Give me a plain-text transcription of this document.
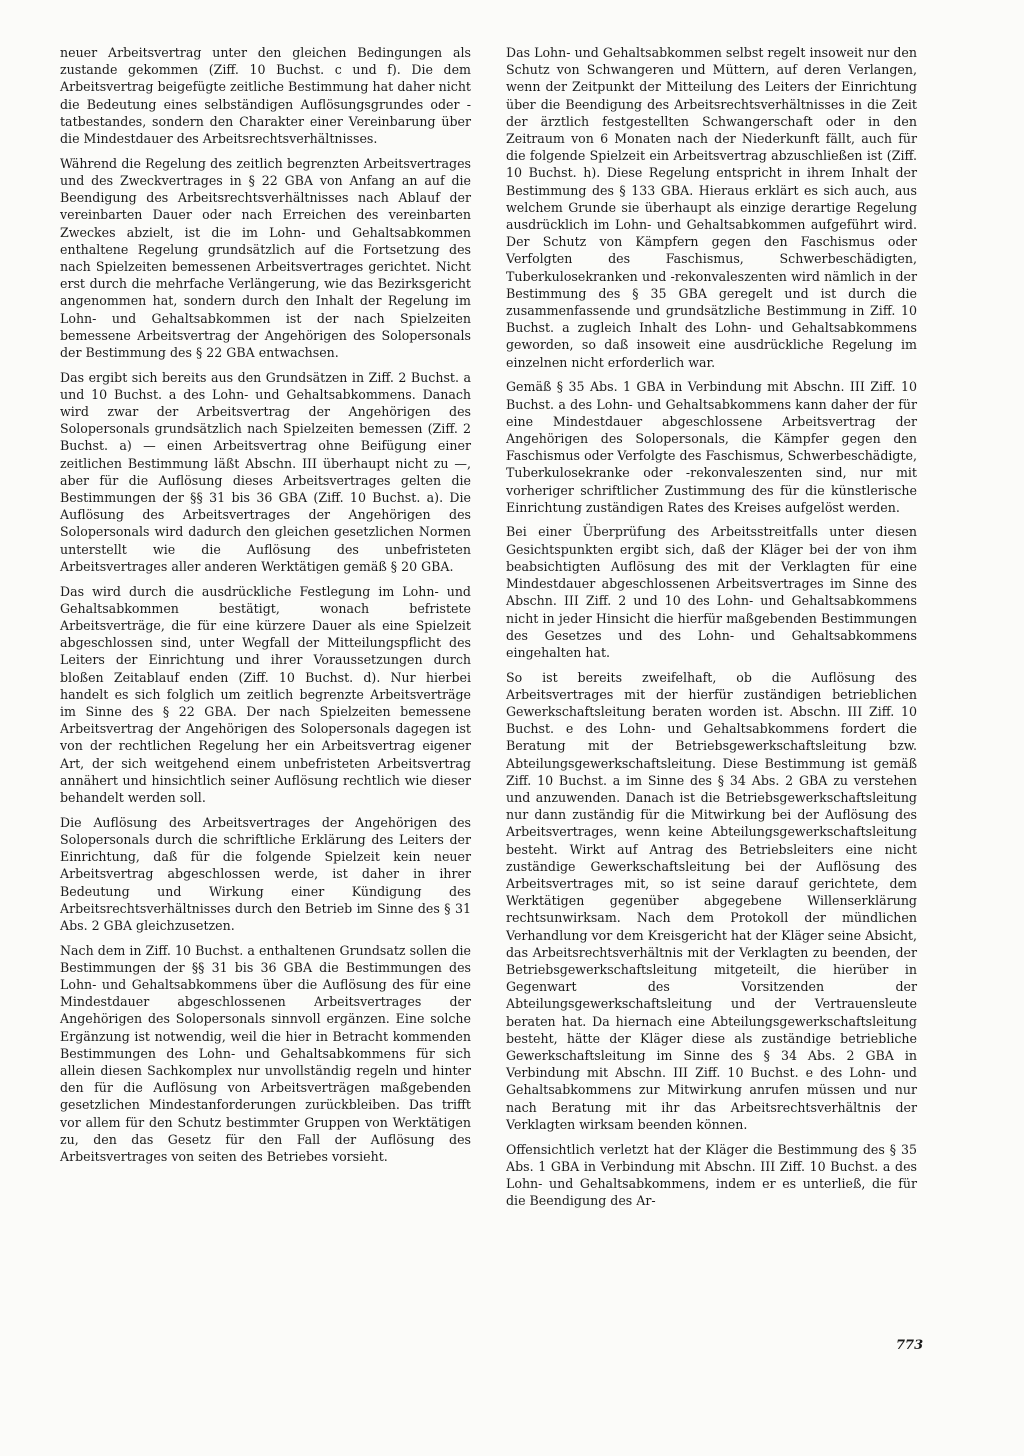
neuer Arbeitsvertrag unter den gleichen Bedingungen als zustande gekommen (Ziff. 10 Buchst. c und f). Die dem Arbeitsvertrag beigefügte zeitliche Bestimmung hat daher nicht die Bedeutung eines selbständigen Auflösungsgrundes oder -tatbestandes, sondern den Charakter einer Vereinbarung über die Mindestdauer des Arbeitsrechtsverhältnisses.

Während die Regelung des zeitlich begrenzten Arbeitsvertrages und des Zweckvertrages in § 22 GBA von Anfang an auf die Beendigung des Arbeitsrechtsverhältnisses nach Ablauf der vereinbarten Dauer oder nach Erreichen des vereinbarten Zweckes abzielt, ist die im Lohn- und Gehaltsabkommen enthaltene Regelung grundsätzlich auf die Fortsetzung des nach Spielzeiten bemessenen Arbeitsvertrages gerichtet. Nicht erst durch die mehrfache Verlängerung, wie das Bezirksgericht angenommen hat, sondern durch den Inhalt der Regelung im Lohn- und Gehaltsabkommen ist der nach Spielzeiten bemessene Arbeitsvertrag der Angehörigen des Solopersonals der Bestimmung des § 22 GBA entwachsen.

Das ergibt sich bereits aus den Grundsätzen in Ziff. 2 Buchst. a und 10 Buchst. a des Lohn- und Gehaltsabkommens. Danach wird zwar der Arbeitsvertrag der Angehörigen des Solopersonals grundsätzlich nach Spielzeiten bemessen (Ziff. 2 Buchst. a) — einen Arbeitsvertrag ohne Beifügung einer zeitlichen Bestimmung läßt Abschn. III überhaupt nicht zu —, aber für die Auflösung dieses Arbeitsvertrages gelten die Bestimmungen der §§ 31 bis 36 GBA (Ziff. 10 Buchst. a). Die Auflösung des Arbeitsvertrages der Angehörigen des Solopersonals wird dadurch den gleichen gesetzlichen Normen unterstellt wie die Auflösung des unbefristeten Arbeitsvertrages aller anderen Werktätigen gemäß § 20 GBA.

Das wird durch die ausdrückliche Festlegung im Lohn- und Gehaltsabkommen bestätigt, wonach befristete Arbeitsverträge, die für eine kürzere Dauer als eine Spielzeit abgeschlossen sind, unter Wegfall der Mitteilungspflicht des Leiters der Einrichtung und ihrer Voraussetzungen durch bloßen Zeitablauf enden (Ziff. 10 Buchst. d). Nur hierbei handelt es sich folglich um zeitlich begrenzte Arbeitsverträge im Sinne des § 22 GBA. Der nach Spielzeiten bemessene Arbeitsvertrag der Angehörigen des Solopersonals dagegen ist von der rechtlichen Regelung her ein Arbeitsvertrag eigener Art, der sich weitgehend einem unbefristeten Arbeitsvertrag annähert und hinsichtlich seiner Auflösung rechtlich wie dieser behandelt werden soll.

Die Auflösung des Arbeitsvertrages der Angehörigen des Solopersonals durch die schriftliche Erklärung des Leiters der Einrichtung, daß für die folgende Spielzeit kein neuer Arbeitsvertrag abgeschlossen werde, ist daher in ihrer Bedeutung und Wirkung einer Kündigung des Arbeitsrechtsverhältnisses durch den Betrieb im Sinne des § 31 Abs. 2 GBA gleichzusetzen.

Nach dem in Ziff. 10 Buchst. a enthaltenen Grundsatz sollen die Bestimmungen der §§ 31 bis 36 GBA die Bestimmungen des Lohn- und Gehaltsabkommens über die Auflösung des für eine Mindestdauer abgeschlossenen Arbeitsvertrages der Angehörigen des Solopersonals sinnvoll ergänzen. Eine solche Ergänzung ist notwendig, weil die hier in Betracht kommenden Bestimmungen des Lohn- und Gehaltsabkommens für sich allein diesen Sachkomplex nur unvollständig regeln und hinter den für die Auflösung von Arbeitsverträgen maßgebenden gesetzlichen Mindestanforderungen zurückbleiben. Das trifft vor allem für den Schutz bestimmter Gruppen von Werktätigen zu, den das Gesetz für den Fall der Auflösung des Arbeitsvertrages von seiten des Betriebes vorsieht.

Das Lohn- und Gehaltsabkommen selbst regelt insoweit nur den Schutz von Schwangeren und Müttern, auf deren Verlangen, wenn der Zeitpunkt der Mitteilung des Leiters der Einrichtung über die Beendigung des Arbeitsrechtsverhältnisses in die Zeit der ärztlich festgestellten Schwangerschaft oder in den Zeitraum von 6 Monaten nach der Niederkunft fällt, auch für die folgende Spielzeit ein Arbeitsvertrag abzuschließen ist (Ziff. 10 Buchst. h). Diese Regelung entspricht in ihrem Inhalt der Bestimmung des § 133 GBA. Hieraus erklärt es sich auch, aus welchem Grunde sie überhaupt als einzige derartige Regelung ausdrücklich im Lohn- und Gehaltsabkommen aufgeführt wird. Der Schutz von Kämpfern gegen den Faschismus oder Verfolgten des Faschismus, Schwerbeschädigten, Tuberkulosekranken und -rekonvaleszenten wird nämlich in der Bestimmung des § 35 GBA geregelt und ist durch die zusammenfassende und grundsätzliche Bestimmung in Ziff. 10 Buchst. a zugleich Inhalt des Lohn- und Gehaltsabkommens geworden, so daß insoweit eine ausdrückliche Regelung im einzelnen nicht erforderlich war.

Gemäß § 35 Abs. 1 GBA in Verbindung mit Abschn. III Ziff. 10 Buchst. a des Lohn- und Gehaltsabkommens kann daher der für eine Mindestdauer abgeschlossene Arbeitsvertrag der Angehörigen des Solopersonals, die Kämpfer gegen den Faschismus oder Verfolgte des Faschismus, Schwerbeschädigte, Tuberkulosekranke oder -rekonvaleszenten sind, nur mit vorheriger schriftlicher Zustimmung des für die künstlerische Einrichtung zuständigen Rates des Kreises aufgelöst werden.

Bei einer Überprüfung des Arbeitsstreitfalls unter diesen Gesichtspunkten ergibt sich, daß der Kläger bei der von ihm beabsichtigten Auflösung des mit der Verklagten für eine Mindestdauer abgeschlossenen Arbeitsvertrages im Sinne des Abschn. III Ziff. 2 und 10 des Lohn- und Gehaltsabkommens nicht in jeder Hinsicht die hierfür maßgebenden Bestimmungen des Gesetzes und des Lohn- und Gehaltsabkommens eingehalten hat.

So ist bereits zweifelhaft, ob die Auflösung des Arbeitsvertrages mit der hierfür zuständigen betrieblichen Gewerkschaftsleitung beraten worden ist. Abschn. III Ziff. 10 Buchst. e des Lohn- und Gehaltsabkommens fordert die Beratung mit der Betriebsgewerkschaftsleitung bzw. Abteilungsgewerkschaftsleitung. Diese Bestimmung ist gemäß Ziff. 10 Buchst. a im Sinne des § 34 Abs. 2 GBA zu verstehen und anzuwenden. Danach ist die Betriebsgewerkschaftsleitung nur dann zuständig für die Mitwirkung bei der Auflösung des Arbeitsvertrages, wenn keine Abteilungsgewerkschaftsleitung besteht. Wirkt auf Antrag des Betriebsleiters eine nicht zuständige Gewerkschaftsleitung bei der Auflösung des Arbeitsvertrages mit, so ist seine darauf gerichtete, dem Werktätigen gegenüber abgegebene Willenserklärung rechtsunwirksam. Nach dem Protokoll der mündlichen Verhandlung vor dem Kreisgericht hat der Kläger seine Absicht, das Arbeitsrechtsverhältnis mit der Verklagten zu beenden, der Betriebsgewerkschaftsleitung mitgeteilt, die hierüber in Gegenwart des Vorsitzenden der Abteilungsgewerkschaftsleitung und der Vertrauensleute beraten hat. Da hiernach eine Abteilungsgewerkschaftsleitung besteht, hätte der Kläger diese als zuständige betriebliche Gewerkschaftsleitung im Sinne des § 34 Abs. 2 GBA in Verbindung mit Abschn. III Ziff. 10 Buchst. e des Lohn- und Gehaltsabkommens zur Mitwirkung anrufen müssen und nur nach Beratung mit ihr das Arbeitsrechtsverhältnis der Verklagten wirksam beenden können.

Offensichtlich verletzt hat der Kläger die Bestimmung des § 35 Abs. 1 GBA in Verbindung mit Abschn. III Ziff. 10 Buchst. a des Lohn- und Gehaltsabkommens, indem er es unterließ, die für die Beendigung des Ar-

773
